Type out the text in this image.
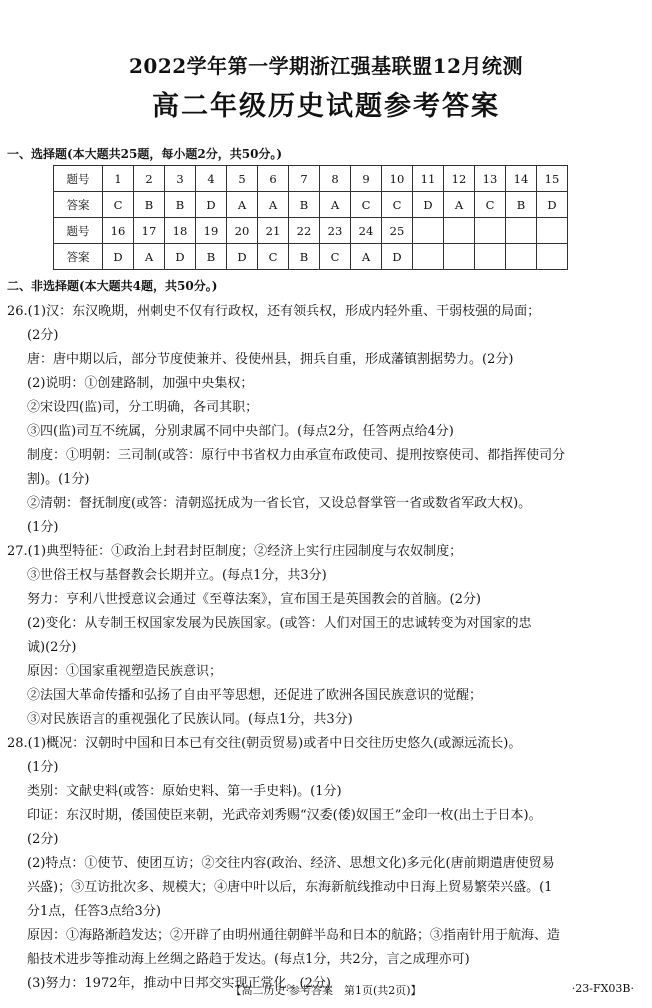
2022学年第一学期浙江强基联盟12月统测
高二年级历史试题参考答案
一、选择题(本大题共25题，每小题2分，共50分。)
题号	1	2	3	4	5	6	7	8	9	10	11	12	13	14	15
答案	C	B	B	D	A	A	B	A	C	C	D	A	C	B	D
题号	16	17	18	19	20	21	22	23	24	25					
答案	D	A	D	B	D	C	B	C	A	D					
二、非选择题(本大题共4题，共50分。)

26.(1)汉：东汉晚期，州刺史不仅有行政权，还有领兵权，形成内轻外重、干弱枝强的局面；

(2分)

唐：唐中期以后，部分节度使兼并、役使州县，拥兵自重，形成藩镇割据势力。(2分)

(2)说明：①创建路制，加强中央集权；

②宋设四(监)司，分工明确，各司其职；

③四(监)司互不统属，分别隶属不同中央部门。(每点2分，任答两点给4分)

制度：①明朝：三司制(或答：原行中书省权力由承宣布政使司、提刑按察使司、都指挥使司分

割)。(1分)

②清朝：督抚制度(或答：清朝巡抚成为一省长官，又设总督掌管一省或数省军政大权)。

(1分)

27.(1)典型特征：①政治上封君封臣制度；②经济上实行庄园制度与农奴制度；

③世俗王权与基督教会长期并立。(每点1分，共3分)

努力：亨利八世授意议会通过《至尊法案》，宣布国王是英国教会的首脑。(2分)

(2)变化：从专制王权国家发展为民族国家。(或答：人们对国王的忠诚转变为对国家的忠

诚)(2分)

原因：①国家重视塑造民族意识；

②法国大革命传播和弘扬了自由平等思想，还促进了欧洲各国民族意识的觉醒；

③对民族语言的重视强化了民族认同。(每点1分，共3分)

28.(1)概况：汉朝时中国和日本已有交往(朝贡贸易)或者中日交往历史悠久(或源远流长)。

(1分)

类别：文献史料(或答：原始史料、第一手史料)。(1分)

印证：东汉时期，倭国使臣来朝，光武帝刘秀赐“汉委(倭)奴国王”金印一枚(出土于日本)。

(2分)

(2)特点：①使节、使团互访；②交往内容(政治、经济、思想文化)多元化(唐前期遣唐使贸易

兴盛)；③互访批次多、规模大；④唐中叶以后，东海新航线推动中日海上贸易繁荣兴盛。(1

分1点，任答3点给3分)

原因：①海路渐趋发达；②开辟了由明州通往朝鲜半岛和日本的航路；③指南针用于航海、造

船技术进步等推动海上丝绸之路趋于发达。(每点1分，共2分，言之成理亦可)

(3)努力：1972年，推动中日邦交实现正常化。(2分)

【高二历史·参考答案　第1页(共2页)】	·23-FX03B·
